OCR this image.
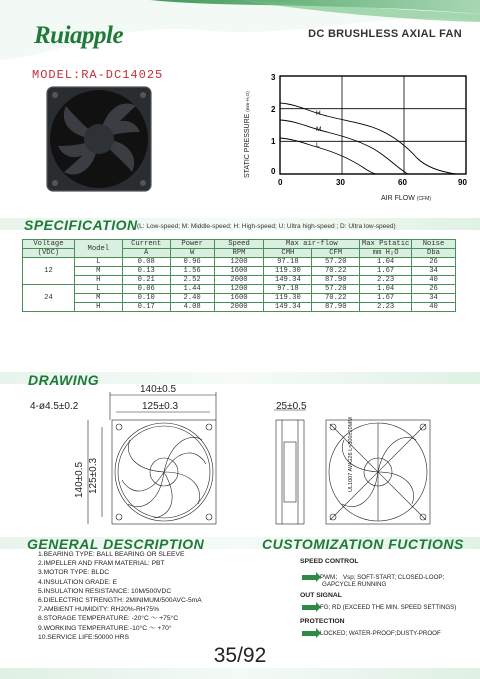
Ruiapple	DC BRUSHLESS AXIAL FAN
MODEL:RA-DC14025
H
M
L
3
2
1
0
0	30	60	90
STATIC PRESSURE (mm-H₂O)
AIR FLOW (CFM)
SPECIFICATION (L: Low-speed; M: Middle-speed; H: High-speed; U: Ultra high-speed ; D: Ultra low-speed)
Voltage	Model	Current	Power	Speed	Max air-flow		Max Pstatic	Noise
(VDC)		A	W	RPM	CMH	CFM	mm H₂O	Dba
12	L	0.08	0.96	1200	97.18	57.20	1.04	26
	M	0.13	1.56	1600	119.30	70.22	1.67	34
	H	0.21	2.52	2000	149.34	87.90	2.23	40
24	L	0.06	1.44	1200	97.18	57.20	1.04	26
	M	0.10	2.40	1600	119.30	70.22	1.67	34
	H	0.17	4.08	2000	149.34	87.90	2.23	40
DRAWING
140±0.5
4-ø4.5±0.2	125±0.3	25±0.5
140±0.5 125±0.3	UL1007 AWG26 L=300±10MM
GENERAL DESCRIPTION	CUSTOMIZATION FUCTIONS
1.BEARING TYPE: BALL BEARING OR SLEEVE
2.IMPELLER AND FRAM MATERIAL: PBT
3.MOTOR TYPE: BLDC
4.INSULATION GRADE: E
5.INSULATION RESISTANCE: 10M/500VDC
6.DIELECTRIC STRENGTH: 2MINIMUM/500AVC-5mA
7.AMBIENT HUMIDITY: RH20%-RH75%
8.STORAGE TEMPERATURE: -20°C ～ +75°C
9.WORKING TEMPERATURE:-10°C ～ +70°
10.SERVICE LIFE:50000 HRS
SPEED CONTROL
PWM； Vsp; SOFT-START; CLOSED-LOOP;
GAPCYCLE RUNNING
OUT SIGNAL
FG; RD (EXCEED THE MIN. SPEED SETTINGS)
PROTECTION
LOCKED; WATER-PROOF;DUSTY-PROOF
35/92
